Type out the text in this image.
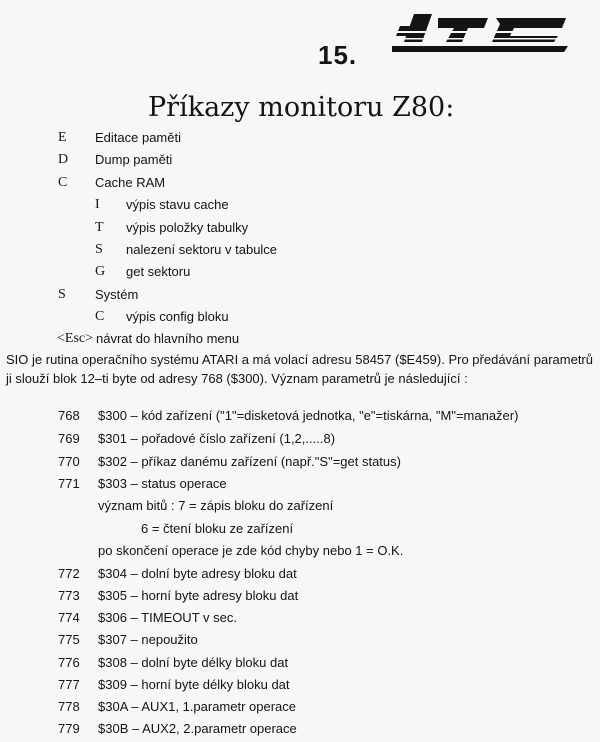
15.
Příkazy monitoru Z80:
E Editace paměti
D Dump paměti
C Cache RAM
I výpis stavu cache
T výpis položky tabulky
S nalezení sektoru v tabulce
G get sektoru
S Systém
C výpis config bloku
<Esc> návrat do hlavního menu
SIO je rutina operačního systému ATARI a má volací adresu 58457 ($E459). Pro předávání parametrů ji slouží blok 12–ti byte od adresy 768 ($300). Význam parametrů je následující :
768 $300 – kód zařízení ("1"=disketová jednotka, "e"=tiskárna, "M"=manažer)
769 $301 – pořadové číslo zařízení (1,2,.....8)
770 $302 – příkaz danému zařízení (např."S"=get status)
771 $303 – status operace
význam bitů : 7 = zápis bloku do zařízení
6 = čtení bloku ze zařízení
po skončení operace je zde kód chyby nebo 1 = O.K.
772 $304 – dolní byte adresy bloku dat
773 $305 – horní byte adresy bloku dat
774 $306 – TIMEOUT v sec.
775 $307 – nepoužito
776 $308 – dolní byte délky bloku dat
777 $309 – horní byte délky bloku dat
778 $30A – AUX1, 1.parametr operace
779 $30B – AUX2, 2.parametr operace
